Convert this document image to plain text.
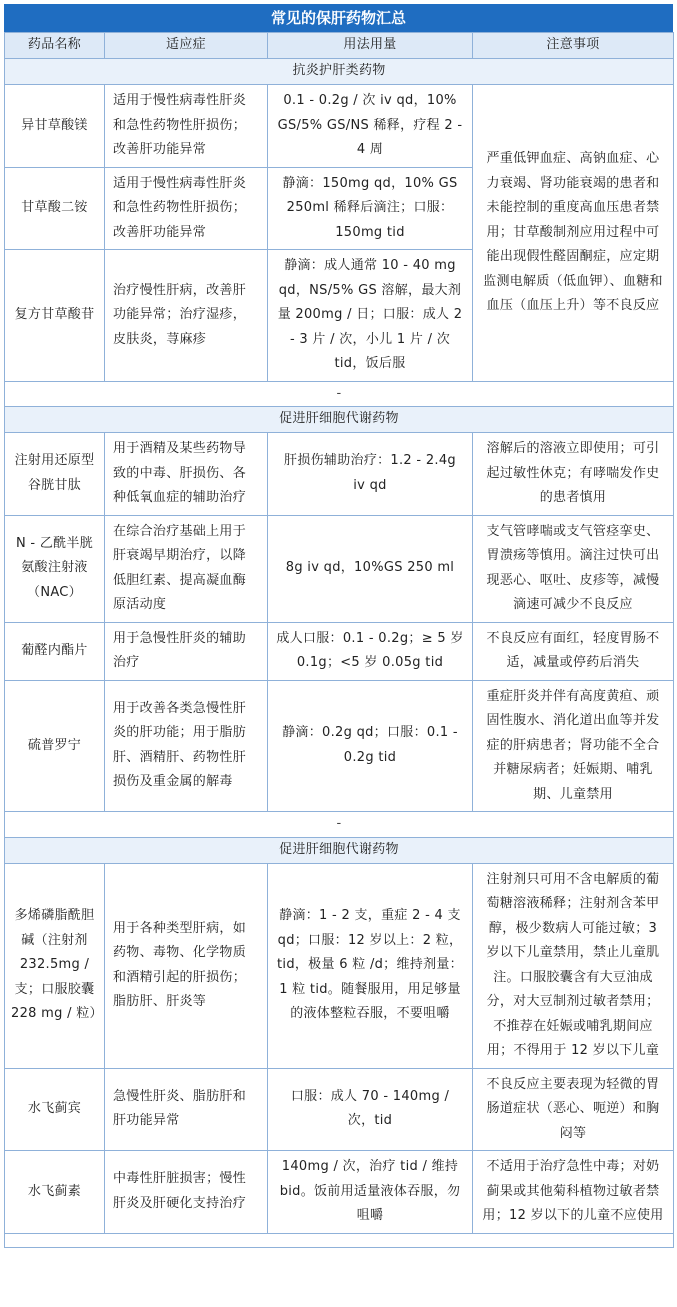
常见的保肝药物汇总
药品名称	适应症	用法用量	注意事项
抗炎护肝类药物			
异甘草酸镁	适用于慢性病毒性肝炎和急性药物性肝损伤；改善肝功能异常	0.1 - 0.2g / 次 iv qd，10% GS/5% GS/NS 稀释，疗程 2 - 4 周	严重低钾血症、高钠血症、心力衰竭、肾功能衰竭的患者和未能控制的重度高血压患者禁用；甘草酸制剂应用过程中可能出现假性醛固酮症，应定期监测电解质（低血钾）、血糖和血压（血压上升）等不良反应
甘草酸二铵	适用于慢性病毒性肝炎和急性药物性肝损伤；改善肝功能异常	静滴：150mg qd，10% GS 250ml 稀释后滴注；口服：150mg tid	
复方甘草酸苷	治疗慢性肝病，改善肝功能异常；治疗湿疹，皮肤炎，荨麻疹	静滴：成人通常 10 - 40 mg qd，NS/5% GS 溶解，最大剂量 200mg / 日；口服：成人 2 - 3 片 / 次，小儿 1 片 / 次 tid，饭后服	
-			
促进肝细胞代谢药物			
注射用还原型谷胱甘肽	用于酒精及某些药物导致的中毒、肝损伤、各种低氧血症的辅助治疗	肝损伤辅助治疗：1.2 - 2.4g iv qd	溶解后的溶液立即使用；可引起过敏性休克；有哮喘发作史的患者慎用
N - 乙酰半胱氨酸注射液（NAC）	在综合治疗基础上用于肝衰竭早期治疗，以降低胆红素、提高凝血酶原活动度	8g iv qd，10%GS 250 ml	支气管哮喘或支气管痉挛史、胃溃疡等慎用。滴注过快可出现恶心、呕吐、皮疹等，减慢滴速可减少不良反应
葡醛内酯片	用于急慢性肝炎的辅助治疗	成人口服：0.1 - 0.2g；≥ 5 岁 0.1g；<5 岁 0.05g tid	不良反应有面红，轻度胃肠不适，减量或停药后消失
硫普罗宁	用于改善各类急慢性肝炎的肝功能；用于脂肪肝、酒精肝、药物性肝损伤及重金属的解毒	静滴：0.2g qd；口服：0.1 - 0.2g tid	重症肝炎并伴有高度黄疸、顽固性腹水、消化道出血等并发症的肝病患者；肾功能不全合并糖尿病者；妊娠期、哺乳期、儿童禁用
-			
促进肝细胞代谢药物			
多烯磷脂酰胆碱（注射剂 232.5mg / 支；口服胶囊 228 mg / 粒）	用于各种类型肝病，如药物、毒物、化学物质和酒精引起的肝损伤；脂肪肝、肝炎等	静滴：1 - 2 支，重症 2 - 4 支 qd；口服：12 岁以上：2 粒，tid，极量 6 粒 /d；维持剂量：1 粒 tid。随餐服用，用足够量的液体整粒吞服，不要咀嚼	注射剂只可用不含电解质的葡萄糖溶液稀释；注射剂含苯甲醇，极少数病人可能过敏；3 岁以下儿童禁用，禁止儿童肌注。口服胶囊含有大豆油成分，对大豆制剂过敏者禁用；不推荐在妊娠或哺乳期间应用；不得用于 12 岁以下儿童
水飞蓟宾	急慢性肝炎、脂肪肝和肝功能异常	口服：成人 70 - 140mg / 次，tid	不良反应主要表现为轻微的胃肠道症状（恶心、呃逆）和胸闷等
水飞蓟素	中毒性肝脏损害；慢性肝炎及肝硬化支持治疗	140mg / 次，治疗 tid / 维持 bid。饭前用适量液体吞服，勿咀嚼	不适用于治疗急性中毒；对奶蓟果或其他菊科植物过敏者禁用；12 岁以下的儿童不应使用
